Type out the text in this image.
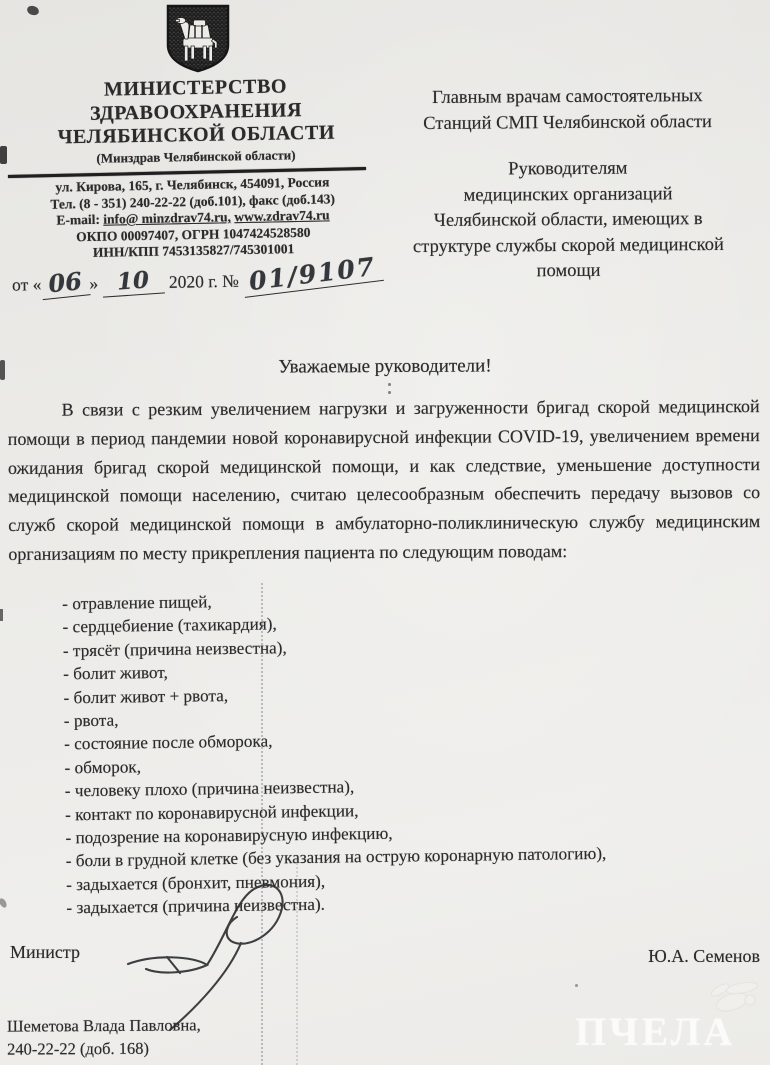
МИНИСТЕРСТВО
ЗДРАВООХРАНЕНИЯ
ЧЕЛЯБИНСКОЙ ОБЛАСТИ
(Минздрав Челябинской области)
ул. Кирова, 165, г. Челябинск, 454091, Россия
Тел. (8 - 351) 240-22-22 (доб.101), факс (доб.143)
E-mail: info@ minzdrav74.ru, www.zdrav74.ru
ОКПО 00097407, ОГРН 1047424528580
ИНН/КПП 7453135827/745301001
от « 06 » 10 2020 г. № 01/9107
Главным врачам самостоятельных
Станций СМП Челябинской области
Руководителям
медицинских организаций
Челябинской области, имеющих в
структуре службы скорой медицинской
помощи
Уважаемые руководители!
В связи с резким увеличением нагрузки и загруженности бригад скорой медицинской помощи в период пандемии новой коронавирусной инфекции COVID-19, увеличением времени ожидания бригад скорой медицинской помощи, и как следствие, уменьшение доступности медицинской помощи населению, считаю целесообразным обеспечить передачу вызовов со служб скорой медицинской помощи в амбулаторно-поликлиническую службу медицинским организациям по месту прикрепления пациента по следующим поводам:
- отравление пищей,
- сердцебиение (тахикардия),
- трясёт (причина неизвестна),
- болит живот,
- болит живот + рвота,
- рвота,
- состояние после обморока,
- обморок,
- человеку плохо (причина неизвестна),
- контакт по коронавирусной инфекции,
- подозрение на коронавирусную инфекцию,
- боли в грудной клетке (без указания на острую коронарную патологию),
- задыхается (бронхит, пневмония),
- задыхается (причина неизвестна).
Министр	Ю.А. Семенов
Шеметова Влада Павловна,
240-22-22 (доб. 168)	ПЧЕЛА
